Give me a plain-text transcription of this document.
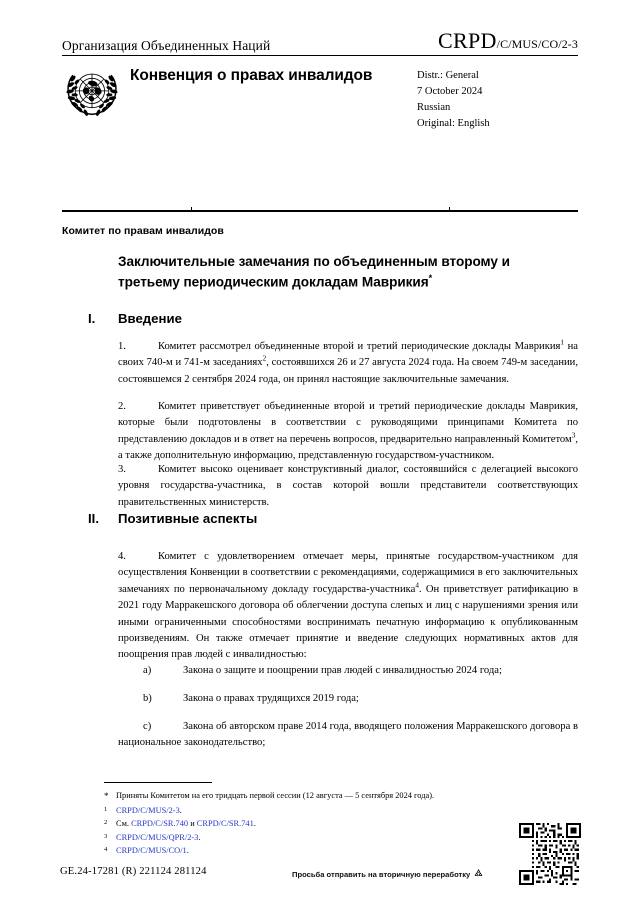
Организация Объединенных Наций	CRPD /C/MUS/CO/2-3
Конвенция о правах инвалидов	Distr.: General
7 October 2024
Russian
Original: English
Комитет по правам инвалидов
Заключительные замечания по объединенным второму и третьему периодическим докладам Маврикия*
I.	Введение
1.	Комитет рассмотрел объединенные второй и третий периодические доклады Маврикия$^1$ на своих 740-м и 741-м заседаниях$^2$, состоявшихся 26 и 27 августа 2024 года. На своем 749-м заседании, состоявшемся 2 сентября 2024 года, он принял настоящие заключительные замечания.
2.	Комитет приветствует объединенные второй и третий периодические доклады Маврикия, которые были подготовлены в соответствии с руководящими принципами Комитета по представлению докладов и в ответ на перечень вопросов, предварительно направленный Комитетом$^3$, а также дополнительную информацию, представленную государством-участником.
3.	Комитет высоко оценивает конструктивный диалог, состоявшийся с делегацией высокого уровня государства-участника, в состав которой вошли представители соответствующих правительственных министерств.
II.	Позитивные аспекты
4.	Комитет с удовлетворением отмечает меры, принятые государством-участником для осуществления Конвенции в соответствии с рекомендациями, содержащимися в его заключительных замечаниях по первоначальному докладу государства-участника$^4$. Он приветствует ратификацию в 2021 году Марракешского договора об облегчении доступа слепых и лиц с нарушениями зрения или иными ограниченными способностями воспринимать печатную информацию к опубликованным произведениям. Он также отмечает принятие и введение следующих нормативных актов для поощрения прав людей с инвалидностью:
a)	Закона о защите и поощрении прав людей с инвалидностью 2024 года;
b)	Закона о правах трудящихся 2019 года;
c)	Закона об авторском праве 2014 года, вводящего положения Марракешского договора в национальное законодательство;
* Приняты Комитетом на его тридцать первой сессии (12 августа — 5 сентября 2024 года).
1	CRPD/C/MUS/2-3.
2	См. CRPD/C/SR.740 и CRPD/C/SR.741.
3	CRPD/C/MUS/QPR/2-3.
4	CRPD/C/MUS/CO/1.
GE.24-17281 (R) 221124 281124	Просьба отправить на вторичную переработку
